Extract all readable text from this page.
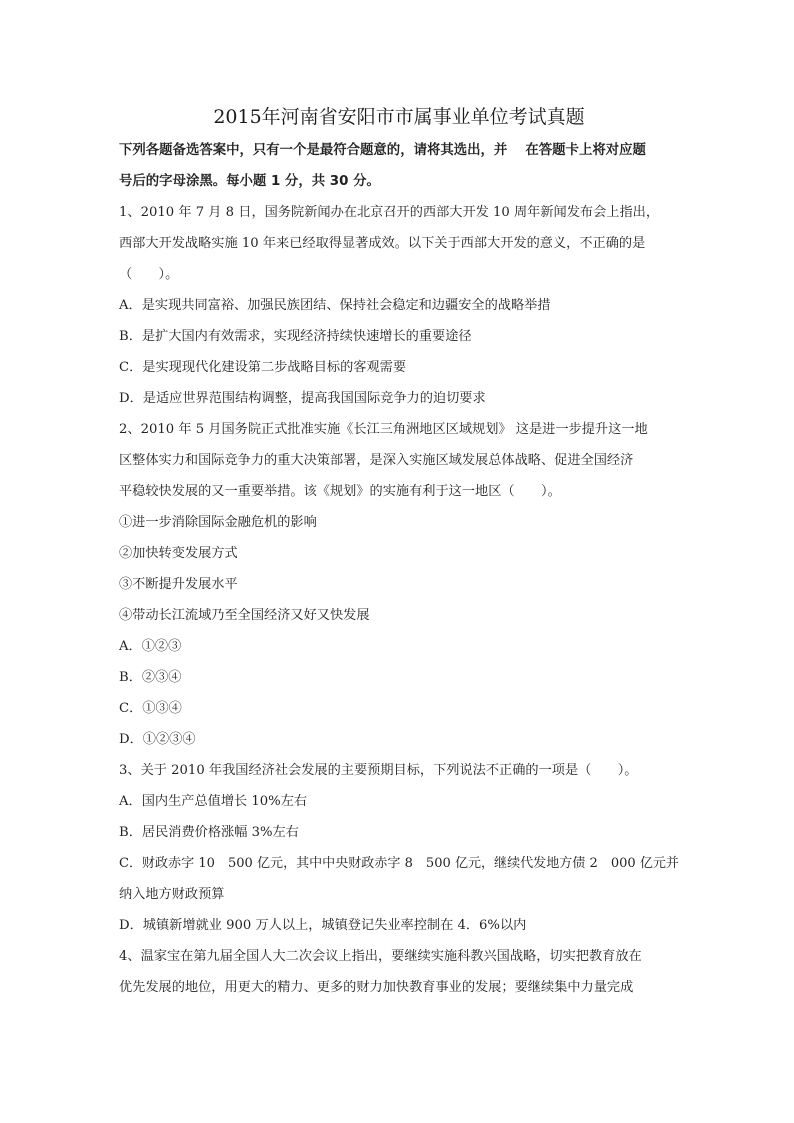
2015年河南省安阳市市属事业单位考试真题
下列各题备选答案中，只有一个是最符合题意的，请将其选出，并　 在答题卡上将对应题
号后的字母涂黑。每小题 1 分，共 30 分。
1、2010 年 7 月 8 日，国务院新闻办在北京召开的西部大开发 10 周年新闻发布会上指出，
西部大开发战略实施 10 年来已经取得显著成效。以下关于西部大开发的意义，不正确的是
（　　）。
A．是实现共同富裕、加强民族团结、保持社会稳定和边疆安全的战略举措
B．是扩大国内有效需求，实现经济持续快速增长的重要途径
C．是实现现代化建设第二步战略目标的客观需要
D．是适应世界范围结构调整，提高我国国际竞争力的迫切要求
2、2010 年 5 月国务院正式批准实施《长江三角洲地区区域规划》 这是进一步提升这一地
区整体实力和国际竞争力的重大决策部署，是深入实施区域发展总体战略、促进全国经济
平稳较快发展的又一重要举措。该《规划》的实施有利于这一地区（　　）。
①进一步消除国际金融危机的影响
②加快转变发展方式
③不断提升发展水平
④带动长江流域乃至全国经济又好又快发展
A．①②③
B．②③④
C．①③④
D．①②③④
3、关于 2010 年我国经济社会发展的主要预期目标，下列说法不正确的一项是（　　）。
A．国内生产总值增长 10%左右
B．居民消费价格涨幅 3%左右
C．财政赤字 10　500 亿元，其中中央财政赤字 8　500 亿元，继续代发地方债 2　000 亿元并
纳入地方财政预算
D．城镇新增就业 900 万人以上，城镇登记失业率控制在 4．6%以内
4、温家宝在第九届全国人大二次会议上指出，要继续实施科教兴国战略，切实把教育放在
优先发展的地位，用更大的精力、更多的财力加快教育事业的发展；要继续集中力量完成
